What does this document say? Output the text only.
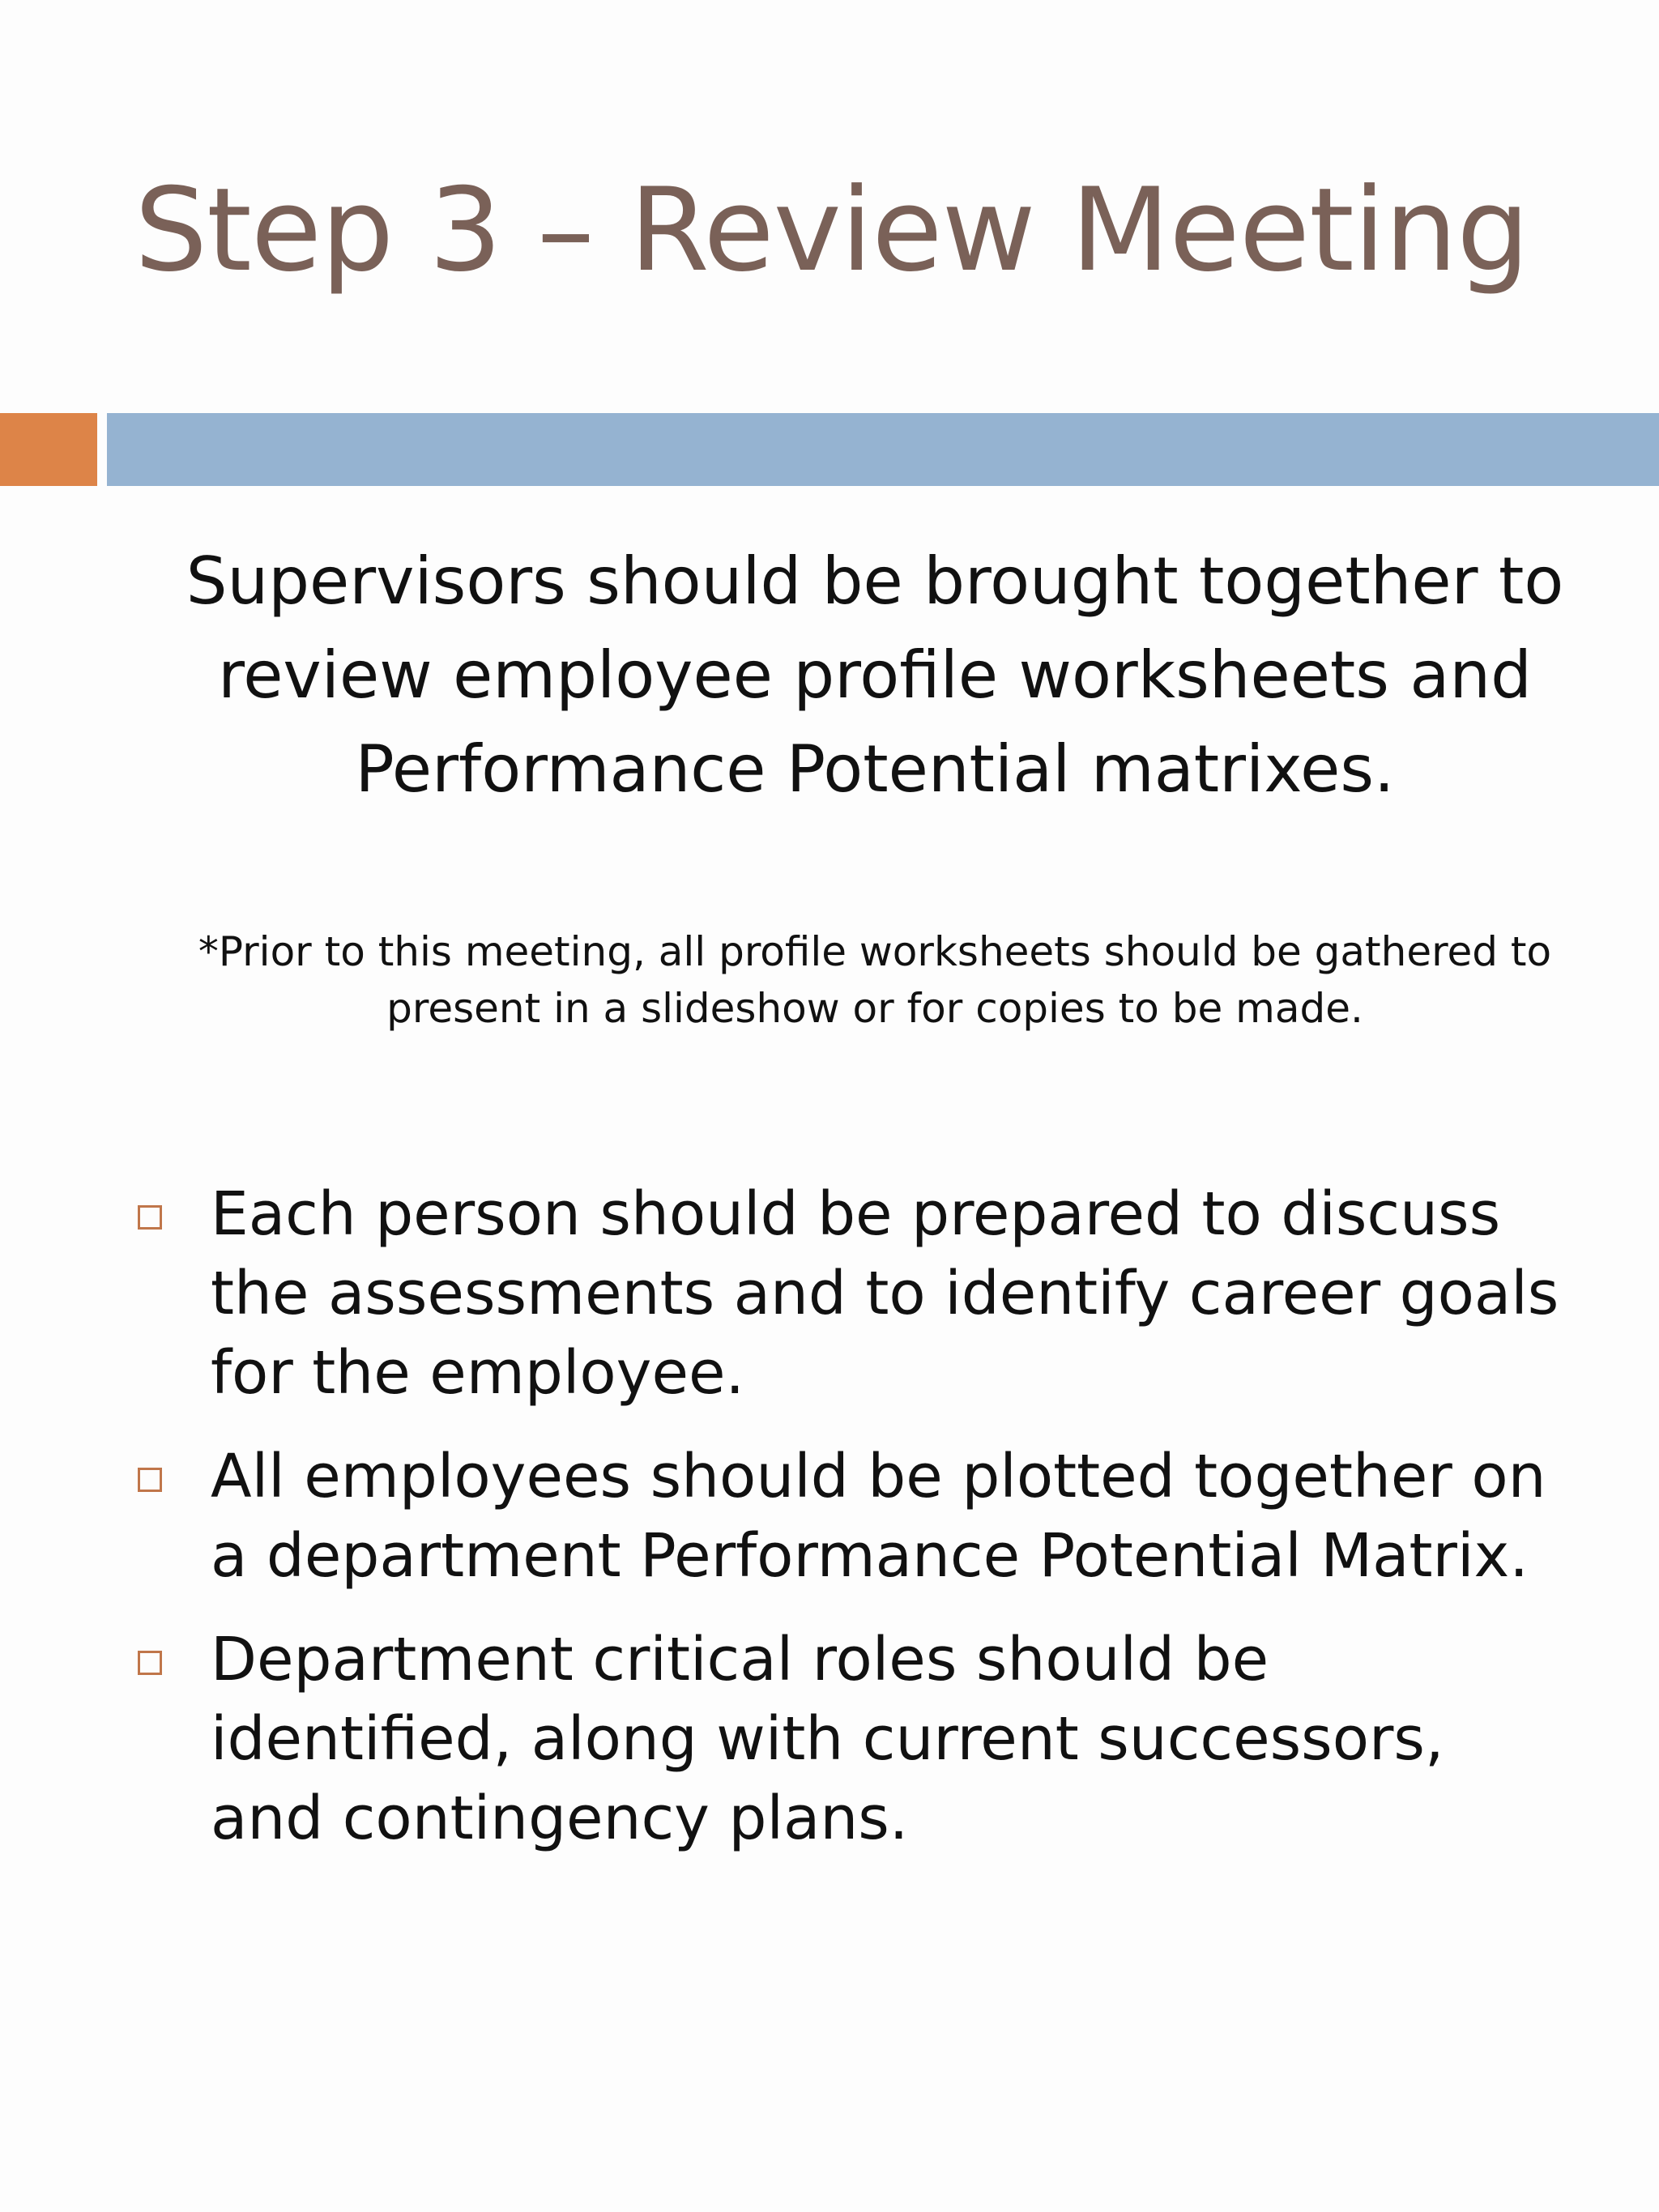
Step 3 – Review Meeting
Supervisors should be brought together to review employee profile worksheets and Performance Potential matrixes.
*Prior to this meeting, all profile worksheets should be gathered to
present in a slideshow or for copies to be made.
Each person should be prepared to discuss the assessments and to identify career goals for the employee.
All employees should be plotted together on a department Performance Potential Matrix.
Department critical roles should be identified, along with current successors, and contingency plans.
